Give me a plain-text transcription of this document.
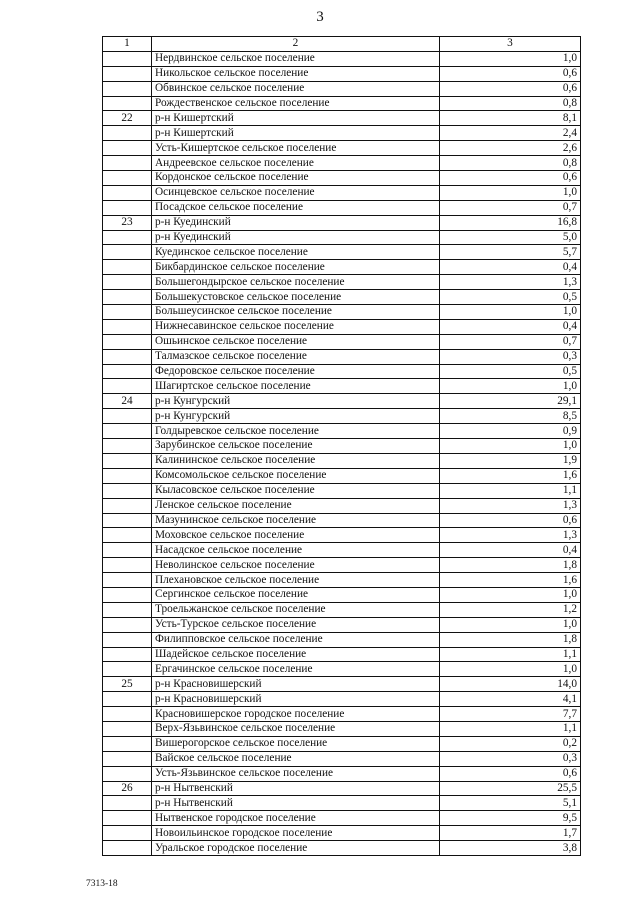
3
1	2	3
	Нердвинское сельское поселение	1,0
	Никольское сельское поселение	0,6
	Обвинское сельское поселение	0,6
	Рождественское сельское поселение	0,8
22	р-н Кишертский	8,1
	р-н Кишертский	2,4
	Усть-Кишертское сельское поселение	2,6
	Андреевское сельское поселение	0,8
	Кордонское сельское поселение	0,6
	Осинцевское сельское поселение	1,0
	Посадское сельское поселение	0,7
23	р-н Куединский	16,8
	р-н Куединский	5,0
	Куединское сельское поселение	5,7
	Бикбардинское сельское поселение	0,4
	Большегондырское сельское поселение	1,3
	Большекустовское сельское поселение	0,5
	Большеусинское сельское поселение	1,0
	Нижнесавинское сельское поселение	0,4
	Ошьинское сельское поселение	0,7
	Талмазское сельское поселение	0,3
	Федоровское сельское поселение	0,5
	Шагиртское сельское поселение	1,0
24	р-н Кунгурский	29,1
	р-н Кунгурский	8,5
	Голдыревское сельское поселение	0,9
	Зарубинское сельское поселение	1,0
	Калининское сельское поселение	1,9
	Комсомольское сельское поселение	1,6
	Кыласовское сельское поселение	1,1
	Ленское сельское поселение	1,3
	Мазунинское сельское поселение	0,6
	Моховское сельское поселение	1,3
	Насадское сельское поселение	0,4
	Неволинское сельское поселение	1,8
	Плехановское сельское поселение	1,6
	Сергинское сельское поселение	1,0
	Троельжанское сельское поселение	1,2
	Усть-Турское сельское поселение	1,0
	Филипповское сельское поселение	1,8
	Шадейское сельское поселение	1,1
	Ергачинское сельское поселение	1,0
25	р-н Красновишерский	14,0
	р-н Красновишерский	4,1
	Красновишерское городское поселение	7,7
	Верх-Язьвинское сельское поселение	1,1
	Вишерогорское сельское поселение	0,2
	Вайское сельское поселение	0,3
	Усть-Язьвинское сельское поселение	0,6
26	р-н Нытвенский	25,5
	р-н Нытвенский	5,1
	Нытвенское городское поселение	9,5
	Новоильинское городское поселение	1,7
	Уральское городское поселение	3,8
7313-18
